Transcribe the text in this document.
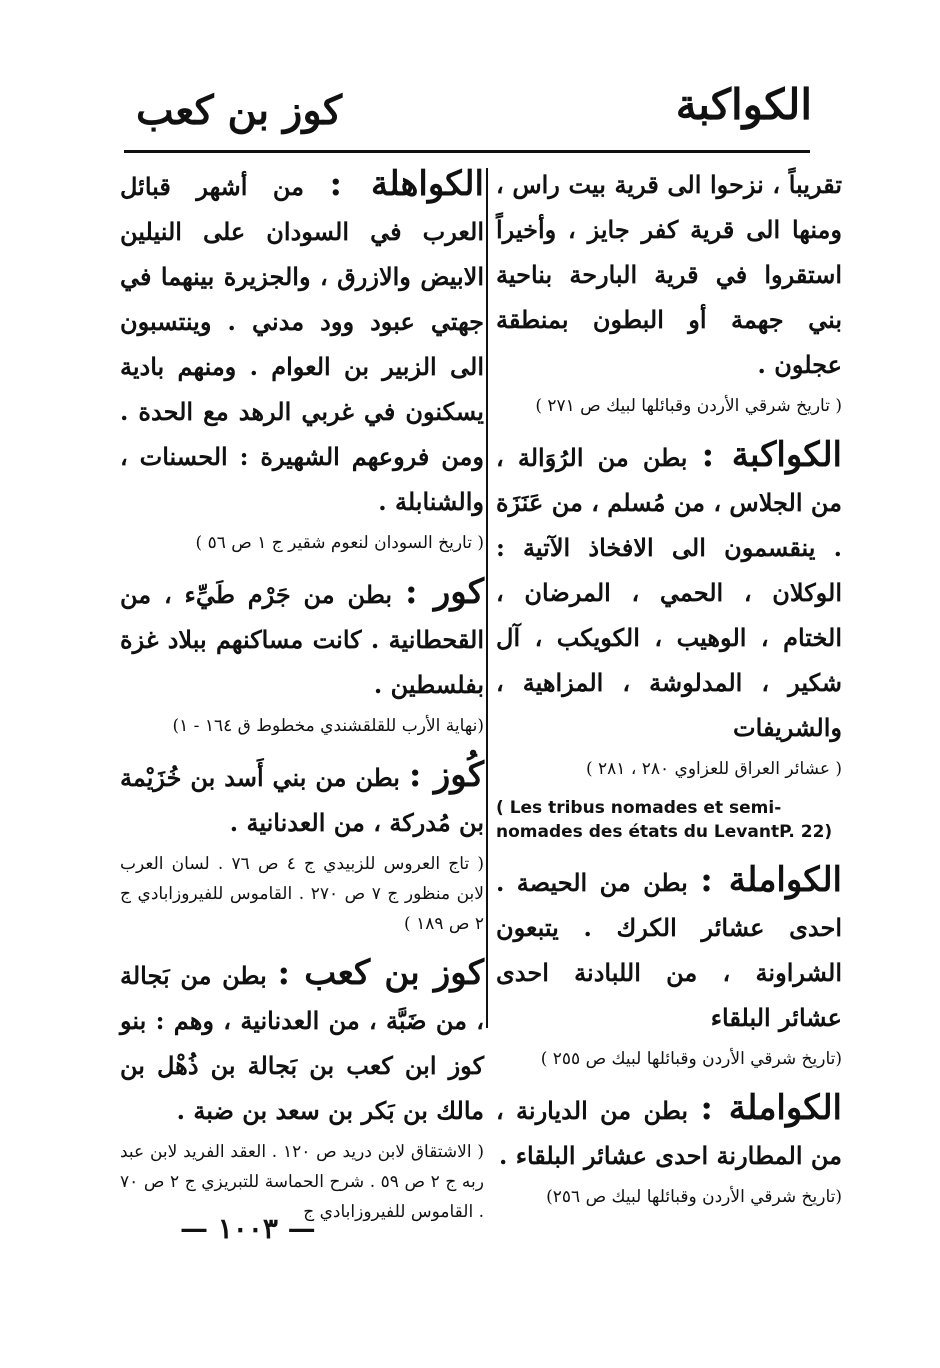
الكواكبة
كوز بن كعب
تقريباً ، نزحوا الى قرية بيت راس ، ومنها الى قرية كفر جايز ، وأخيراً استقروا في قرية البارحة بناحية بني جهمة أو البطون بمنطقة عجلون .
( تاريخ شرقي الأردن وقبائلها لبيك ص ٢٧١ )
الكواكبة : بطن من الرُوَالة ، من الجلاس ، من مُسلم ، من عَنَزَة . ينقسمون الى الافخاذ الآتية : الوكلان ، الحمي ، المرضان ، الختام ، الوهيب ، الكويكب ، آل شكير ، المدلوشة ، المزاهية ، والشريفات
( عشائر العراق للعزاوي ٢٨٠ ، ٢٨١ )
( Les tribus nomades et semi-nomades des états du LevantP. 22)
الكواملة : بطن من الحيصة . احدى عشائر الكرك . يتبعون الشراونة ، من اللبادنة احدى عشائر البلقاء
(تاريخ شرقي الأردن وقبائلها لبيك ص ٢٥٥ )
الكواملة : بطن من الديارنة ، من المطارنة احدى عشائر البلقاء .
(تاريخ شرقي الأردن وقبائلها لبيك ص ٢٥٦)
الكواهلة : من أشهر قبائل العرب في السودان على النيلين الابيض والازرق ، والجزيرة بينهما في جهتي عبود وود مدني . وينتسبون الى الزبير بن العوام . ومنهم بادية يسكنون في غربي الرهد مع الحدة . ومن فروعهم الشهيرة : الحسنات ، والشنابلة .
( تاريخ السودان لنعوم شقير ج ١ ص ٥٦ )
كور : بطن من جَرْم طَيِّء ، من القحطانية . كانت مساكنهم ببلاد غزة بفلسطين .
(نهاية الأرب للقلقشندي مخطوط ق ١٦٤ - ١)
كُوز : بطن من بني أَسد بن خُزَيْمة بن مُدركة ، من العدنانية .
( تاج العروس للزبيدي ج ٤ ص ٧٦ . لسان العرب لابن منظور ج ٧ ص ٢٧٠ . القاموس للفيروزابادي ج ٢ ص ١٨٩ )
كوز بن كعب : بطن من بَجالة ، من ضَبَّة ، من العدنانية ، وهم : بنو كوز ابن كعب بن بَجالة بن ذُهْل بن مالك بن بَكر بن سعد بن ضبة .
( الاشتقاق لابن دريد ص ١٢٠ . العقد الفريد لابن عبد ربه ج ٢ ص ٥٩ . شرح الحماسة للتبريزي ج ٢ ص ٧٠ . القاموس للفيروزابادي ج
— ١٠٠٣ —
